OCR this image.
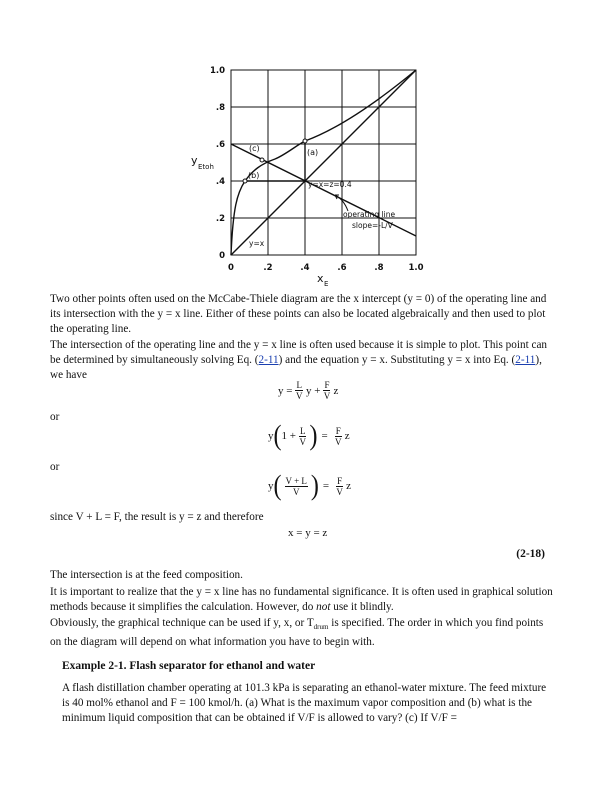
1.0
.8
.6
.4
.2
0
0	.2	.4	.6	.8	1.0
y Etoh
x E
(c)	(a)
(b)
y=x=z=0.4
operating line
slope=-L/V
y=x

Two other points often used on the McCabe-Thiele diagram are the x intercept (y = 0) of the operating line and its intersection with the y = x line. Either of these points can also be located algebraically and then used to plot the operating line.

The intersection of the operating line and the y = x line is often used because it is simple to plot. This point can be determined by simultaneously solving Eq. (2-11) and the equation y = x. Substituting y = x into Eq. (2-11), we have

$y = \frac{L}{V}$ $y + \frac{F}{V}$ z

or

y ( $1 + \frac{L}{V}$ ) = $\frac{F}{V}$ z

or

y ( $\frac{V + L}{V}$ ) = $\frac{F}{V}$ z

since V + L = F, the result is y = z and therefore

x = y = z
(2-18)

The intersection is at the feed composition.

It is important to realize that the y = x line has no fundamental significance. It is often used in graphical solution methods because it simplifies the calculation. However, do not use it blindly.

Obviously, the graphical technique can be used if y, x, or $T_{drum}$ is specified. The order in which you find points on the diagram will depend on what information you have to begin with.

Example 2-1. Flash separator for ethanol and water

A flash distillation chamber operating at 101.3 kPa is separating an ethanol-water mixture. The feed mixture is 40 mol% ethanol and F = 100 kmol/h. (a) What is the maximum vapor composition and (b) what is the minimum liquid composition that can be obtained if V/F is allowed to vary? (c) If V/F =
